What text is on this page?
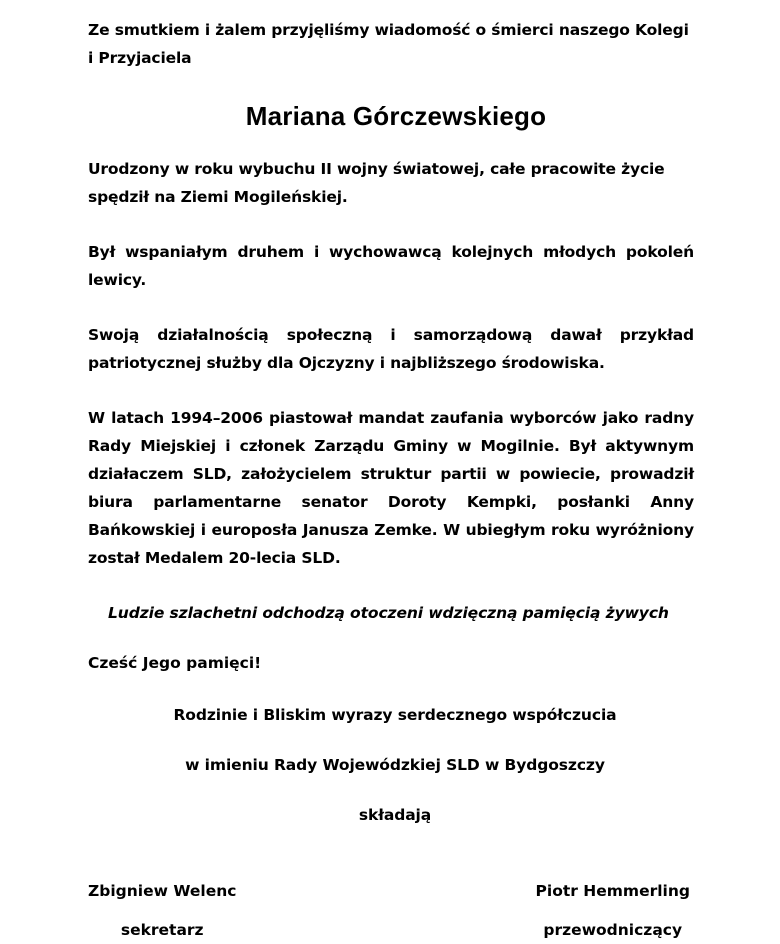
Ze smutkiem i żalem przyjęliśmy wiadomość o śmierci naszego Kolegi i Przyjaciela

Mariana Górczewskiego

Urodzony w roku wybuchu II wojny światowej, całe pracowite życie spędził na Ziemi Mogileńskiej.

Był wspaniałym druhem i wychowawcą kolejnych młodych pokoleń lewicy.

Swoją działalnością społeczną i samorządową dawał przykład patriotycznej służby dla Ojczyzny i najbliższego środowiska.

W latach 1994–2006 piastował mandat zaufania wyborców jako radny Rady Miejskiej i członek Zarządu Gminy w Mogilnie. Był aktywnym działaczem SLD, założycielem struktur partii w powiecie, prowadził biura parlamentarne senator Doroty Kempki, posłanki Anny Bańkowskiej i europosła Janusza Zemke. W ubiegłym roku wyróżniony został Medalem 20-lecia SLD.

Ludzie szlachetni odchodzą otoczeni wdzięczną pamięcią żywych

Cześć Jego pamięci!

Rodzinie i Bliskim wyrazy serdecznego współczucia

w imieniu Rady Wojewódzkiej SLD w Bydgoszczy

składają

Zbigniew Welenc
sekretarz
Piotr Hemmerling
przewodniczący
